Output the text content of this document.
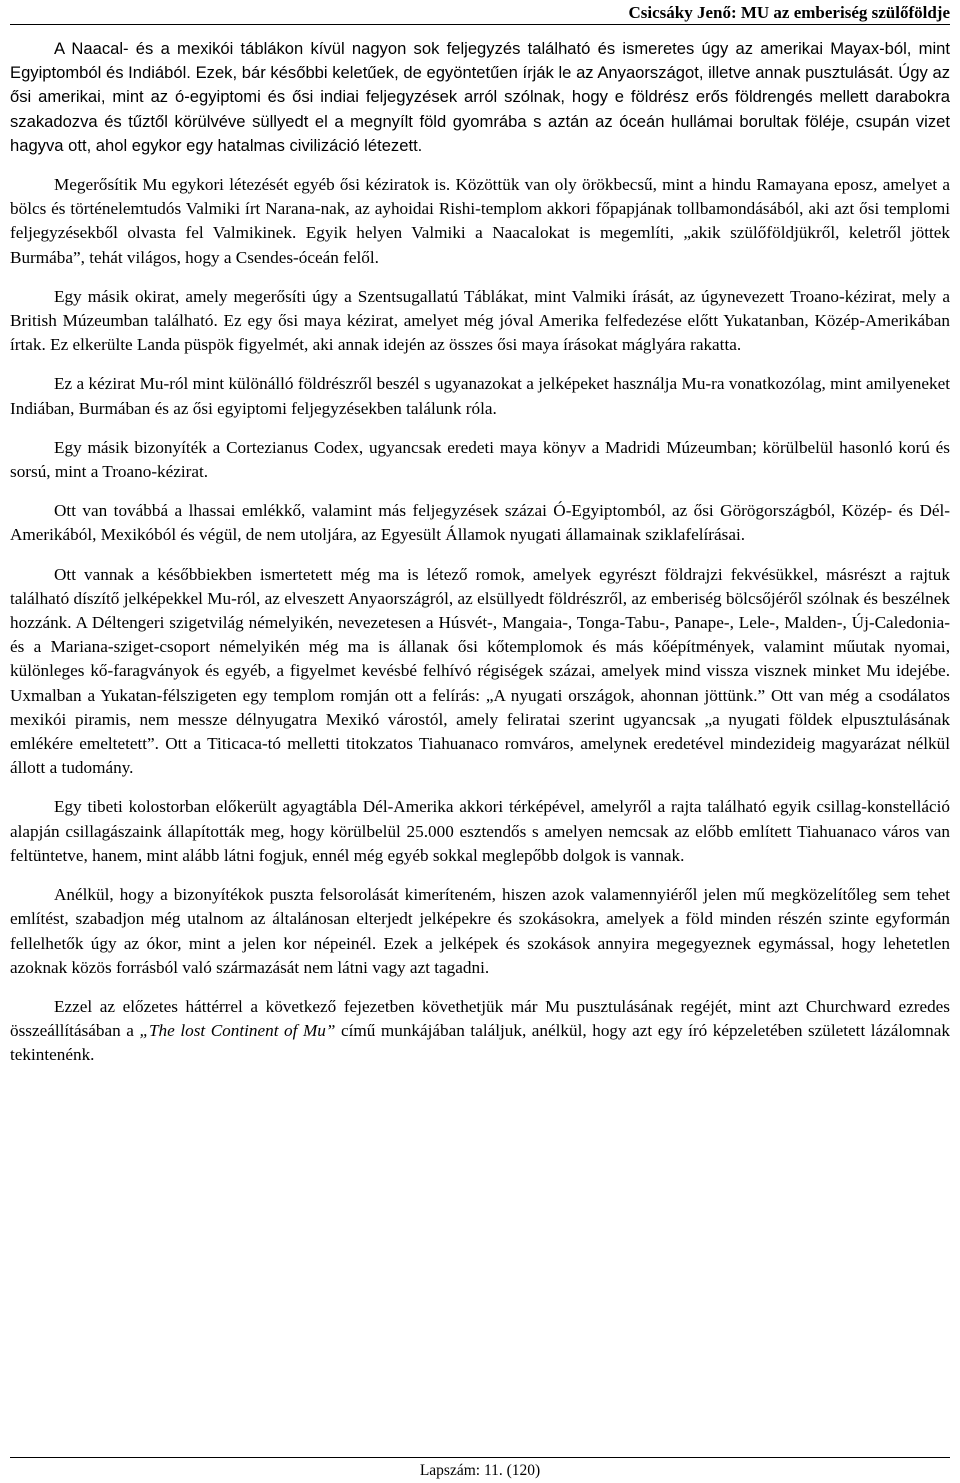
Csicsáky Jenő: MU az emberiség szülőföldje

A Naacal- és a mexikói táblákon kívül nagyon sok feljegyzés található és ismeretes úgy az amerikai Mayax-ból, mint Egyiptomból és Indiából. Ezek, bár későbbi keletűek, de egyöntetűen írják le az Anyaországot, illetve annak pusztulását. Úgy az ősi amerikai, mint az ó-egyiptomi és ősi indiai feljegyzések arról szólnak, hogy e földrész erős földrengés mellett darabokra szakadozva és tűztől körülvéve süllyedt el a megnyílt föld gyomrába s aztán az óceán hullámai borultak föléje, csupán vizet hagyva ott, ahol egykor egy hatalmas civilizáció létezett.

Megerősítik Mu egykori létezését egyéb ősi kéziratok is. Közöttük van oly örökbecsű, mint a hindu Ramayana eposz, amelyet a bölcs és történelemtudós Valmiki írt Narana-nak, az ayhoidai Rishi-templom akkori főpapjának tollbamondásából, aki azt ősi templomi feljegyzésekből olvasta fel Valmikinek. Egyik helyen Valmiki a Naacalokat is megemlíti, „akik szülőföldjükről, keletről jöttek Burmába”, tehát világos, hogy a Csendes-óceán felől.

Egy másik okirat, amely megerősíti úgy a Szentsugallatú Táblákat, mint Valmiki írását, az úgynevezett Troano-kézirat, mely a British Múzeumban található. Ez egy ősi maya kézirat, amelyet még jóval Amerika felfedezése előtt Yukatanban, Közép-Amerikában írtak. Ez elkerülte Landa püspök figyelmét, aki annak idején az összes ősi maya írásokat máglyára rakatta.

Ez a kézirat Mu-ról mint különálló földrészről beszél s ugyanazokat a jelképeket használja Mu-ra vonatkozólag, mint amilyeneket Indiában, Burmában és az ősi egyiptomi feljegyzésekben találunk róla.

Egy másik bizonyíték a Cortezianus Codex, ugyancsak eredeti maya könyv a Madridi Múzeumban; körülbelül hasonló korú és sorsú, mint a Troano-kézirat.

Ott van továbbá a lhassai emlékkő, valamint más feljegyzések százai Ó-Egyiptomból, az ősi Görögországból, Közép- és Dél-Amerikából, Mexikóból és végül, de nem utoljára, az Egyesült Államok nyugati államainak sziklafelírásai.

Ott vannak a későbbiekben ismertetett még ma is létező romok, amelyek egyrészt földrajzi fekvésükkel, másrészt a rajtuk található díszítő jelképekkel Mu-ról, az elveszett Anyaországról, az elsüllyedt földrészről, az emberiség bölcsőjéről szólnak és beszélnek hozzánk. A Déltengeri szigetvilág némelyikén, nevezetesen a Húsvét-, Mangaia-, Tonga-Tabu-, Panape-, Lele-, Malden-, Új-Caledonia- és a Mariana-sziget-csoport némelyikén még ma is állanak ősi kőtemplomok és más kőépítmények, valamint műutak nyomai, különleges kő-faragványok és egyéb, a figyelmet kevésbé felhívó régiségek százai, amelyek mind vissza visznek minket Mu idejébe. Uxmalban a Yukatan-félszigeten egy templom romján ott a felírás: „A nyugati országok, ahonnan jöttünk.” Ott van még a csodálatos mexikói piramis, nem messze délnyugatra Mexikó várostól, amely feliratai szerint ugyancsak „a nyugati földek elpusztulásának emlékére emeltetett”. Ott a Titicaca-tó melletti titokzatos Tiahuanaco romváros, amelynek eredetével mindezideig magyarázat nélkül állott a tudomány.

Egy tibeti kolostorban előkerült agyagtábla Dél-Amerika akkori térképével, amelyről a rajta található egyik csillag-konstelláció alapján csillagászaink állapították meg, hogy körülbelül 25.000 esztendős s amelyen nemcsak az előbb említett Tiahuanaco város van feltüntetve, hanem, mint alább látni fogjuk, ennél még egyéb sokkal meglepőbb dolgok is vannak.

Anélkül, hogy a bizonyítékok puszta felsorolását kimeríteném, hiszen azok valamennyiéről jelen mű megközelítőleg sem tehet említést, szabadjon még utalnom az általánosan elterjedt jelképekre és szokásokra, amelyek a föld minden részén szinte egyformán fellelhetők úgy az ókor, mint a jelen kor népeinél. Ezek a jelképek és szokások annyira megegyeznek egymással, hogy lehetetlen azoknak közös forrásból való származását nem látni vagy azt tagadni.

Ezzel az előzetes háttérrel a következő fejezetben követhetjük már Mu pusztulásának regéjét, mint azt Churchward ezredes összeállításában a „The lost Continent of Mu” című munkájában találjuk, anélkül, hogy azt egy író képzeletében született lázálomnak tekintenénk.

Lapszám: 11. (120)
